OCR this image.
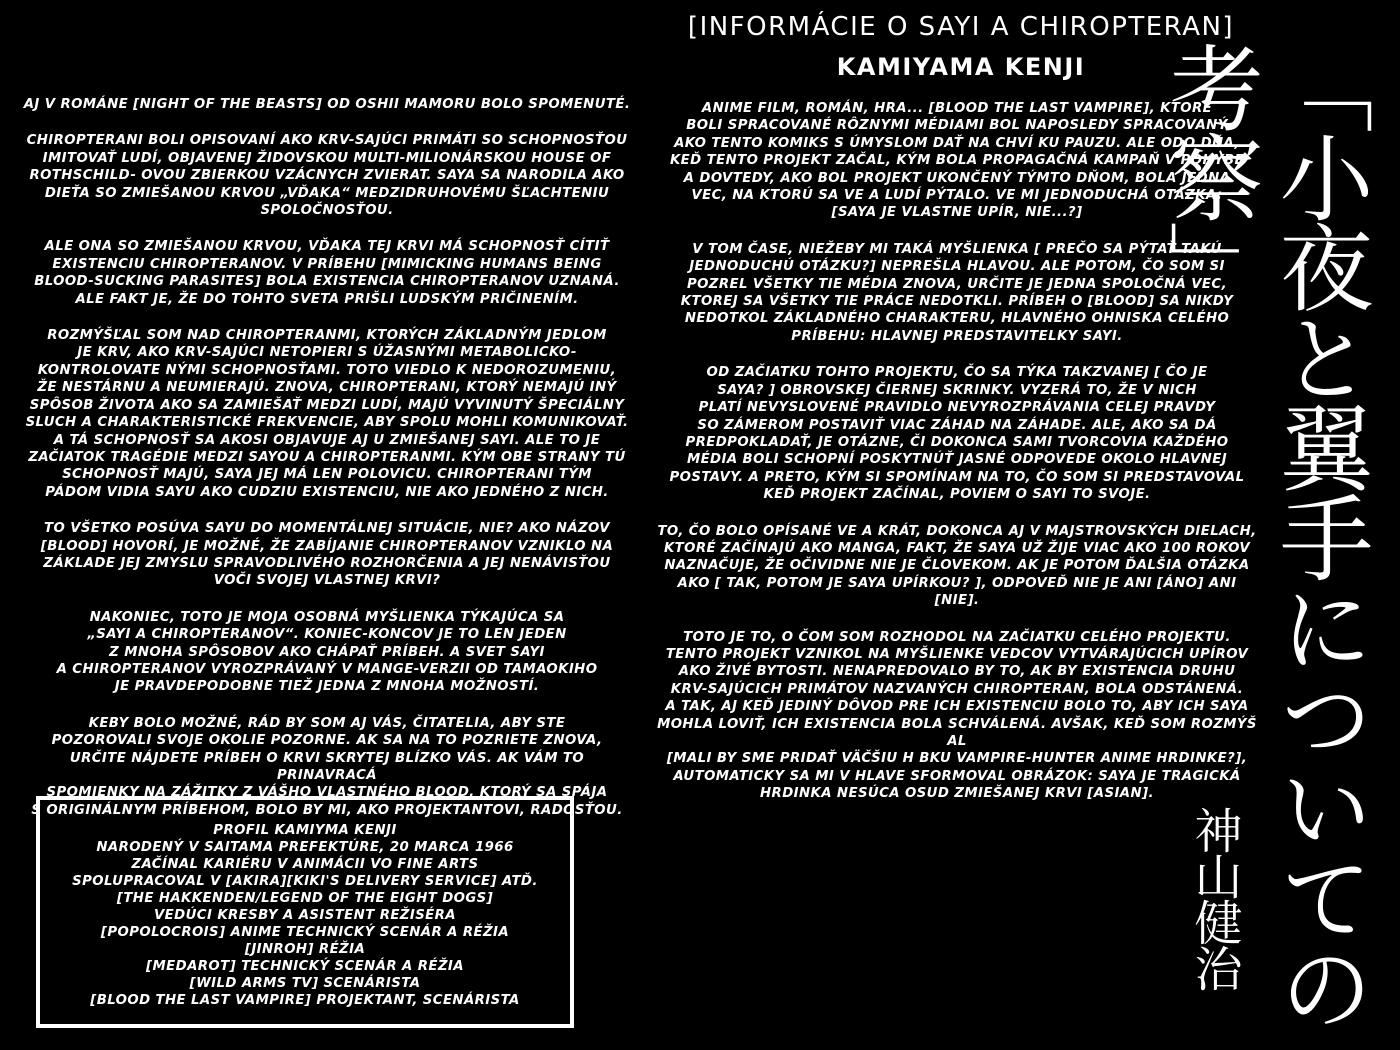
[INFORMÁCIE O SAYI A CHIROPTERAN]
KAMIYAMA KENJI

AJ V ROMÁNE [NIGHT OF THE BEASTS] OD OSHII MAMORU BOLO SPOMENUTÉ.

CHIROPTERANI BOLI OPISOVANÍ AKO KRV-SAJÚCI PRIMÁTI SO SCHOPNOSŤOU
IMITOVAŤ LUDÍ, OBJAVENEJ ŽIDOVSKOU MULTI-MILIONÁRSKOU HOUSE OF
ROTHSCHILD- OVOU ZBIERKOU VZÁCNYCH ZVIERAT. SAYA SA NARODILA AKO
DIEŤA SO ZMIEŠANOU KRVOU „VĎAKA“ MEDZIDRUHOVÉMU ŠĽACHTENIU
SPOLOČNOSŤOU.

ALE ONA SO ZMIEŠANOU KRVOU, VĎAKA TEJ KRVI MÁ SCHOPNOSŤ CÍTIŤ
EXISTENCIU CHIROPTERANOV. V PRÍBEHU [MIMICKING HUMANS BEING
BLOOD-SUCKING PARASITES] BOLA EXISTENCIA CHIROPTERANOV UZNANÁ.
ALE FAKT JE, ŽE DO TOHTO SVETA PRIŠLI LUDSKÝM PRIČINENÍM.

ROZMÝŠĽAL SOM NAD CHIROPTERANMI, KTORÝCH ZÁKLADNÝM JEDLOM
JE KRV, AKO KRV-SAJÚCI NETOPIERI S ÚŽASNÝMI METABOLICKO-
KONTROLOVATE NÝMI SCHOPNOSŤAMI. TOTO VIEDLO K NEDOROZUMENIU,
ŽE NESTÁRNU A NEUMIERAJÚ. ZNOVA, CHIROPTERANI, KTORÝ NEMAJÚ INÝ
SPÔSOB ŽIVOTA AKO SA ZAMIEŠAŤ MEDZI LUDÍ, MAJÚ VYVINUTÝ ŠPECIÁLNY
SLUCH A CHARAKTERISTICKÉ FREKVENCIE, ABY SPOLU MOHLI KOMUNIKOVAŤ.
A TÁ SCHOPNOSŤ SA AKOSI OBJAVUJE AJ U ZMIEŠANEJ SAYI. ALE TO JE
ZAČIATOK TRAGÉDIE MEDZI SAYOU A CHIROPTERANMI. KÝM OBE STRANY TÚ
SCHOPNOSŤ MAJÚ, SAYA JEJ MÁ LEN POLOVICU. CHIROPTERANI TÝM
PÁDOM VIDIA SAYU AKO CUDZIU EXISTENCIU, NIE AKO JEDNÉHO Z NICH.

TO VŠETKO POSÚVA SAYU DO MOMENTÁLNEJ SITUÁCIE, NIE? AKO NÁZOV
[BLOOD] HOVORÍ, JE MOŽNÉ, ŽE ZABÍJANIE CHIROPTERANOV VZNIKLO NA
ZÁKLADE JEJ ZMYSLU SPRAVODLIVÉHO ROZHORČENIA A JEJ NENÁVISŤOU
VOČI SVOJEJ VLASTNEJ KRVI?

NAKONIEC, TOTO JE MOJA OSOBNÁ MYŠLIENKA TÝKAJÚCA SA
„SAYI A CHIROPTERANOV“. KONIEC-KONCOV JE TO LEN JEDEN
Z MNOHA SPÔSOBOV AKO CHÁPAŤ PRÍBEH. A SVET SAYI
A CHIROPTERANOV VYROZPRÁVANÝ V MANGE-VERZII OD TAMAOKIHO
JE PRAVDEPODOBNE TIEŽ JEDNA Z MNOHA MOŽNOSTÍ.

KEBY BOLO MOŽNÉ, RÁD BY SOM AJ VÁS, ČITATELIA, ABY STE
POZOROVALI SVOJE OKOLIE POZORNE. AK SA NA TO POZRIETE ZNOVA,
URČITE NÁJDETE PRÍBEH O KRVI SKRYTEJ BLÍZKO VÁS. AK VÁM TO PRINAVRACÁ
SPOMIENKY NA ZÁŽITKY Z VÁŠHO VLASTNÉHO BLOOD, KTORÝ SA SPÁJA
S ORIGINÁLNYM PRÍBEHOM, BOLO BY MI, AKO PROJEKTANTOVI, RADOSŤOU.

ANIME FILM, ROMÁN, HRA... [BLOOD THE LAST VAMPIRE], KTORÉ
BOLI SPRACOVANÉ RÔZNYMI MÉDIAMI BOL NAPOSLEDY SPRACOVANÝ
AKO TENTO KOMIKS S ÚMYSLOM DAŤ NA CHVÍ KU PAUZU. ALE ODO DŇA,
KEĎ TENTO PROJEKT ZAČAL, KÝM BOLA PROPAGAČNÁ KAMPAŇ V POHYBE
A DOVTEDY, AKO BOL PROJEKT UKONČENÝ TÝMTO DŇOM, BOLA JEDNA
VEC, NA KTORÚ SA VE A LUDÍ PÝTALO. VE MI JEDNODUCHÁ OTÁZKA:
[SAYA JE VLASTNE UPÍR, NIE...?]

V TOM ČASE, NIEŽEBY MI TAKÁ MYŠLIENKA [ PREČO SA PÝTAŤ TAKÚ
JEDNODUCHÚ OTÁZKU?] NEPREŠLA HLAVOU. ALE POTOM, ČO SOM SI
POZREL VŠETKY TIE MÉDIA ZNOVA, URČITE JE JEDNA SPOLOČNÁ VEC,
KTOREJ SA VŠETKY TIE PRÁCE NEDOTKLI. PRÍBEH O [BLOOD] SA NIKDY
NEDOTKOL ZÁKLADNÉHO CHARAKTERU, HLAVNÉHO OHNISKA CELÉHO
PRÍBEHU: HLAVNEJ PREDSTAVITELKY SAYI.

OD ZAČIATKU TOHTO PROJEKTU, ČO SA TÝKA TAKZVANEJ [ ČO JE
SAYA? ] OBROVSKEJ ČIERNEJ SKRINKY. VYZERÁ TO, ŽE V NICH
PLATÍ NEVYSLOVENÉ PRAVIDLO NEVYROZPRÁVANIA CELEJ PRAVDY
SO ZÁMEROM POSTAVIŤ VIAC ZÁHAD NA ZÁHADE. ALE, AKO SA DÁ
PREDPOKLADAŤ, JE OTÁZNE, ČI DOKONCA SAMI TVORCOVIA KAŽDÉHO
MÉDIA BOLI SCHOPNÍ POSKYTNÚŤ JASNÉ ODPOVEDE OKOLO HLAVNEJ
POSTAVY. A PRETO, KÝM SI SPOMÍNAM NA TO, ČO SOM SI PREDSTAVOVAL
KEĎ PROJEKT ZAČÍNAL, POVIEM O SAYI TO SVOJE.

TO, ČO BOLO OPÍSANÉ VE A KRÁT, DOKONCA AJ V MAJSTROVSKÝCH DIELACH,
KTORÉ ZAČÍNAJÚ AKO MANGA, FAKT, ŽE SAYA UŽ ŽIJE VIAC AKO 100 ROKOV
NAZNAČUJE, ŽE OČIVIDNE NIE JE ČLOVEKOM. AK JE POTOM ĎALŠIA OTÁZKA
AKO [ TAK, POTOM JE SAYA UPÍRKOU? ], ODPOVEĎ NIE JE ANI [ÁNO] ANI
[NIE].

TOTO JE TO, O ČOM SOM ROZHODOL NA ZAČIATKU CELÉHO PROJEKTU.
TENTO PROJEKT VZNIKOL NA MYŠLIENKE VEDCOV VYTVÁRAJÚCICH UPÍROV
AKO ŽIVÉ BYTOSTI. NENAPREDOVALO BY TO, AK BY EXISTENCIA DRUHU
KRV-SAJÚCICH PRIMÁTOV NAZVANÝCH CHIROPTERAN, BOLA ODSTÁNENÁ.
A TAK, AJ KEĎ JEDINÝ DÔVOD PRE ICH EXISTENCIU BOLO TO, ABY ICH SAYA
MOHLA LOVIŤ, ICH EXISTENCIA BOLA SCHVÁLENÁ. AVŠAK, KEĎ SOM ROZMÝŠ AL
[MALI BY SME PRIDAŤ VÄČŠIU H BKU VAMPIRE-HUNTER ANIME HRDINKE?],
AUTOMATICKY SA MI V HLAVE SFORMOVAL OBRÁZOK: SAYA JE TRAGICKÁ
HRDINKA NESÚCA OSUD ZMIEŠANEJ KRVI [ASIAN].

PROFIL KAMIYMA KENJI
NARODENÝ V SAITAMA PREFEKTÚRE, 20 MARCA 1966
ZAČÍNAL KARIÉRU V ANIMÁCII VO FINE ARTS
SPOLUPRACOVAL V [AKIRA][KIKI'S DELIVERY SERVICE] ATĎ.
[THE HAKKENDEN/LEGEND OF THE EIGHT DOGS]
VEDÚCI KRESBY A ASISTENT REŽISÉRA
[POPOLOCROIS] ANIME TECHNICKÝ SCENÁR A RÉŽIA
[JINROH] RÉŽIA
[MEDAROT] TECHNICKÝ SCENÁR A RÉŽIA
[WILD ARMS TV] SCENÁRISTA
[BLOOD THE LAST VAMPIRE] PROJEKTANT, SCENÁRISTA	「小夜と翼手についての考察」
神山健治
